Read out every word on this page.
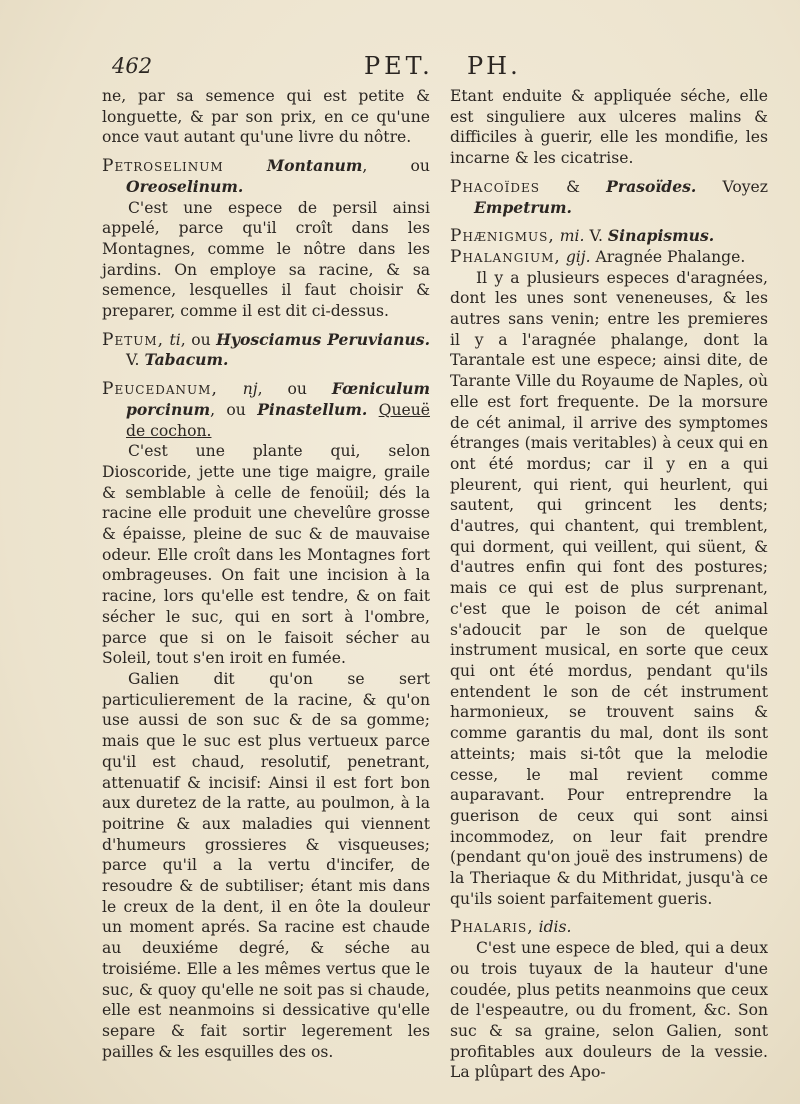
462	PET. PH.

ne, par sa semence qui est petite & longuette, & par son prix, en ce qu'une once vaut autant qu'une livre du nôtre.

Petroselinum	Montanum, ou Oreoselinum.

C'est une espece de persil ainsi appelé, parce qu'il croît dans les Montagnes, comme le nôtre dans les jardins. On employe sa racine, & sa semence, lesquelles il faut choisir & preparer, comme il est dit ci-dessus.

Petum, ti, ou Hyosciamus Peruvianus. V. Tabacum.

Peucedanum, nj, ou Fœniculum porcinum, ou Pinastellum. Queuë de cochon.

C'est une plante qui, selon Dioscoride, jette une tige maigre, graile & semblable à celle de fenoüil; dés la racine elle produit une chevelûre grosse & épaisse, pleine de suc & de mauvaise odeur. Elle croît dans les Montagnes fort ombrageuses. On fait une incision à la racine, lors qu'elle est tendre, & on fait sécher le suc, qui en sort à l'ombre, parce que si on le faisoit sécher au Soleil, tout s'en iroit en fumée.

Galien dit qu'on se sert particulierement de la racine, & qu'on use aussi de son suc & de sa gomme; mais que le suc est plus vertueux parce qu'il est chaud, resolutif, penetrant, attenuatif & incisif: Ainsi il est fort bon aux duretez de la ratte, au poulmon, à la poitrine & aux maladies qui viennent d'humeurs grossieres & visqueuses; parce qu'il a la vertu d'incifer, de resoudre & de subtiliser; étant mis dans le creux de la dent, il en ôte la douleur un moment aprés. Sa racine est chaude au deuxiéme degré, & séche au troisiéme. Elle a les mêmes vertus que le suc, & quoy qu'elle ne soit pas si chaude, elle est neanmoins si dessicative qu'elle separe & fait sortir legerement les pailles & les esquilles des os.

Etant enduite & appliquée séche, elle est singuliere aux ulceres malins & difficiles à guerir, elle les mondifie, les incarne & les cicatrise.

Phacoïdes & Prasoïdes. Voyez Empetrum.

Phænigmus, mi. V. Sinapismus.

Phalangium, gij. Aragnée Phalange.

Il y a plusieurs especes d'aragnées, dont les unes sont veneneuses, & les autres sans venin; entre les premieres il y a l'aragnée phalange, dont la Tarantale est une espece; ainsi dite, de Tarante Ville du Royaume de Naples, où elle est fort frequente. De la morsure de cét animal, il arrive des symptomes étranges (mais veritables) à ceux qui en ont été mordus; car il y en a qui pleurent, qui rient, qui heurlent, qui sautent, qui grincent les dents; d'autres, qui chantent, qui tremblent, qui dorment, qui veillent, qui süent, & d'autres enfin qui font des postures; mais ce qui est de plus surprenant, c'est que le poison de cét animal s'adoucit par le son de quelque instrument musical, en sorte que ceux qui ont été mordus, pendant qu'ils entendent le son de cét instrument harmonieux, se trouvent sains & comme garantis du mal, dont ils sont atteints; mais si-tôt que la melodie cesse, le mal revient comme auparavant. Pour entreprendre la guerison de ceux qui sont ainsi incommodez, on leur fait prendre (pendant qu'on jouë des instrumens) de la Theriaque & du Mithridat, jusqu'à ce qu'ils soient parfaitement gueris.

Phalaris, idis.

C'est une espece de bled, qui a deux ou trois tuyaux de la hauteur d'une coudée, plus petits neanmoins que ceux de l'espeautre, ou du froment, &c. Son suc & sa graine, selon Galien, sont profitables aux douleurs de la vessie. La plûpart des Apo-
